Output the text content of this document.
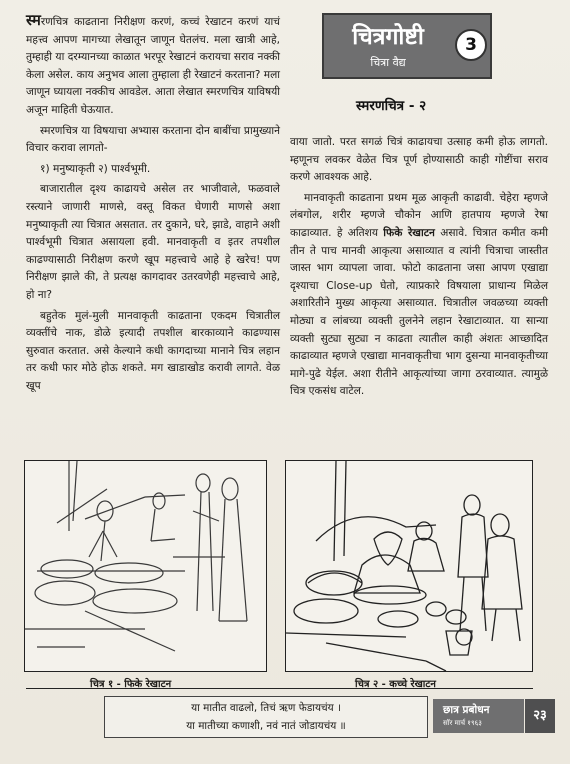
स्मरणचित्र काढताना निरीक्षण करणं, कच्चं रेखाटन करणं याचं महत्त्व आपण मागच्या लेखातून जाणून घेतलंच. मला खात्री आहे, तुम्हाही या दरम्यानच्या काळात भरपूर रेखाटनं करायचा सराव नक्की केला असेल. काय अनुभव आला तुम्हाला ही रेखाटनं करताना? मला जाणून घ्यायला नक्कीच आवडेल. आता लेखात स्मरणचित्र याविषयी अजून माहिती घेऊयात.

स्मरणचित्र या विषयाचा अभ्यास करताना दोन बाबींचा प्रामुख्याने विचार करावा लागतो-

१) मनुष्याकृती २) पार्श्वभूमी.

बाजारातील दृश्य काढायचे असेल तर भाजीवाले, फळवाले रस्त्याने जाणारी माणसे, वस्तू विकत घेणारी माणसे अशा मनुष्याकृती त्या चित्रात असतात. तर दुकाने, घरे, झाडे, वाहाने अशी पार्श्वभूमी चित्रात असायला हवी. मानवाकृती व इतर तपशील काढण्यासाठी निरीक्षण करणे खूप महत्त्वाचे आहे हे खरेच! पण निरीक्षण झाले की, ते प्रत्यक्ष कागदावर उतरवणेही महत्त्वाचे आहे, हो ना?

बहुतेक मुलं-मुली मानवाकृती काढताना एकदम चित्रातील व्यक्तींचे नाक, डोळे इत्यादी तपशील बारकाव्याने काढण्यास सुरुवात करतात. असे केल्याने कधी कागदाच्या मानाने चित्र लहान तर कधी फार मोठे होऊ शकते. मग खाडाखोड करावी लागते. वेळ खूप

चित्रगोष्टी
चित्रा वैद्य
3
स्मरणचित्र - २

वाया जातो. परत सगळं चित्रं काढायचा उत्साह कमी होऊ लागतो. म्हणूनच लवकर वेळेत चित्र पूर्ण होण्यासाठी काही गोष्टींचा सराव करणे आवश्यक आहे.

मानवाकृती काढताना प्रथम मूळ आकृती काढावी. चेहेरा म्हणजे लंबगोल, शरीर म्हणजे चौकोन आणि हातपाय म्हणजे रेषा काढाव्यात. हे अतिशय फिके रेखाटन असावे. चित्रात कमीत कमी तीन ते पाच मानवी आकृत्या असाव्यात व त्यांनी चित्राचा जास्तीत जास्त भाग व्यापला जावा. फोटो काढताना जसा आपण एखाद्या दृश्याचा Close-up घेतो, त्याप्रकारे विषयाला प्राधान्य मिळेल अशारितीने मुख्य आकृत्या असाव्यात. चित्रातील जवळच्या व्यक्ती मोठ्या व लांबच्या व्यक्ती तुलनेने लहान रेखाटाव्यात. या सान्या व्यक्ती सुट्या सुट्या न काढता त्यातील काही अंशतः आच्छादित काढाव्यात म्हणजे एखाद्या मानवाकृतीचा भाग दुसन्या मानवाकृतीच्या मागे-पुढे येईल. अशा रीतीने आकृत्यांच्या जागा ठरवाव्यात. त्यामुळे चित्र एकसंध वाटेल.

चित्र १ - फिके रेखाटन	चित्र २ - कच्चे रेखाटन
या मातीत वाढलो, तिचं ऋण फेडायचंय ।
या मातीच्या कणाशी, नवं नातं जोडायचंय ॥
छात्र प्रबोधन
सॉर मार्च १९६३	२३
